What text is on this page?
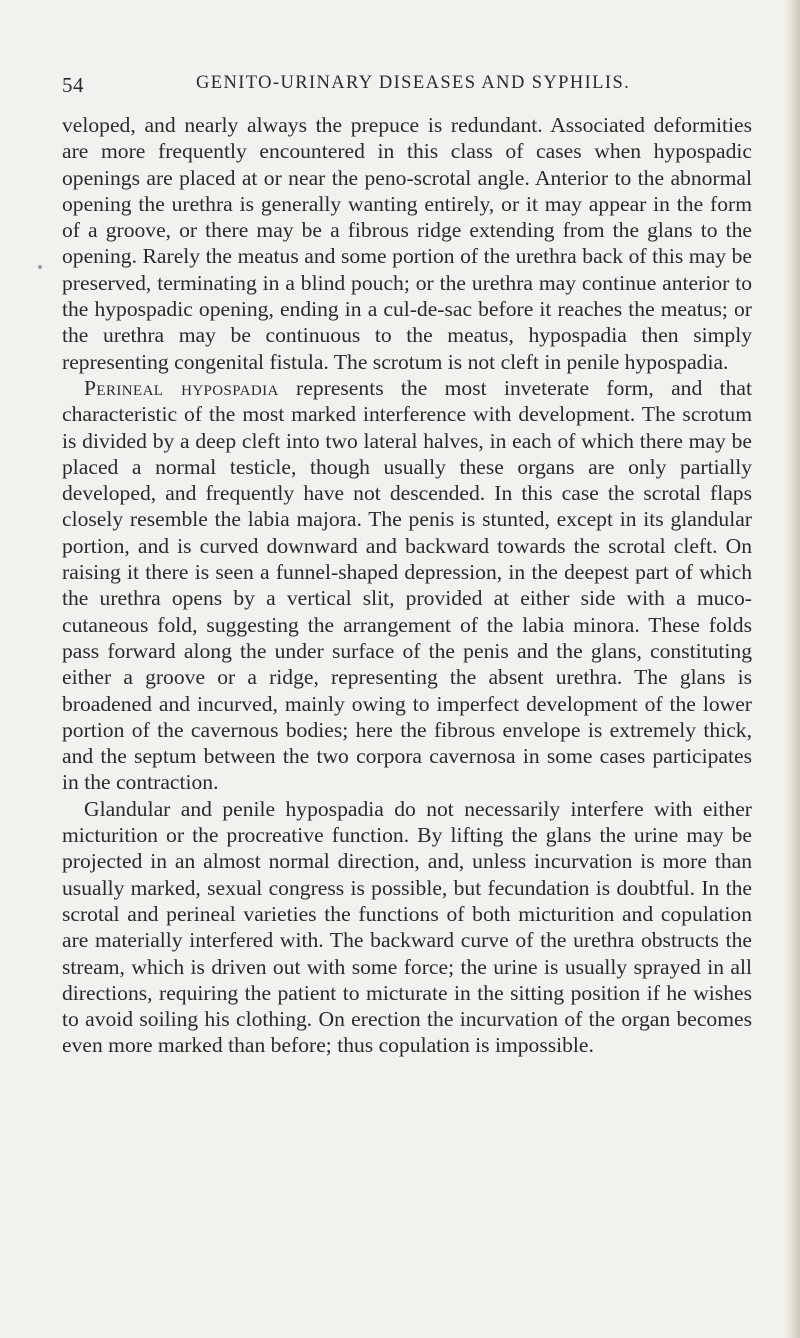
54	GENITO-URINARY DISEASES AND SYPHILIS.

veloped, and nearly always the prepuce is redundant. Associated deformities are more frequently encountered in this class of cases when hypospadic openings are placed at or near the peno-scrotal angle. Anterior to the abnormal opening the urethra is generally wanting entirely, or it may appear in the form of a groove, or there may be a fibrous ridge extending from the glans to the opening. Rarely the meatus and some portion of the urethra back of this may be preserved, terminating in a blind pouch; or the urethra may continue anterior to the hypospadic opening, ending in a cul-de-sac before it reaches the meatus; or the urethra may be continuous to the meatus, hypospadia then simply representing congenital fistula. The scrotum is not cleft in penile hypospadia.

Perineal hypospadia represents the most inveterate form, and that characteristic of the most marked interference with development. The scrotum is divided by a deep cleft into two lateral halves, in each of which there may be placed a normal testicle, though usually these organs are only partially developed, and frequently have not descended. In this case the scrotal flaps closely resemble the labia majora. The penis is stunted, except in its glandular portion, and is curved downward and backward towards the scrotal cleft. On raising it there is seen a funnel-shaped depression, in the deepest part of which the urethra opens by a vertical slit, provided at either side with a muco-cutaneous fold, suggesting the arrangement of the labia minora. These folds pass forward along the under surface of the penis and the glans, constituting either a groove or a ridge, representing the absent urethra. The glans is broadened and incurved, mainly owing to imperfect development of the lower portion of the cavernous bodies; here the fibrous envelope is extremely thick, and the septum between the two corpora cavernosa in some cases participates in the contraction.

Glandular and penile hypospadia do not necessarily interfere with either micturition or the procreative function. By lifting the glans the urine may be projected in an almost normal direction, and, unless incurvation is more than usually marked, sexual congress is possible, but fecundation is doubtful. In the scrotal and perineal varieties the functions of both micturition and copulation are materially interfered with. The backward curve of the urethra obstructs the stream, which is driven out with some force; the urine is usually sprayed in all directions, requiring the patient to micturate in the sitting position if he wishes to avoid soiling his clothing. On erection the incurvation of the organ becomes even more marked than before; thus copulation is impossible.
